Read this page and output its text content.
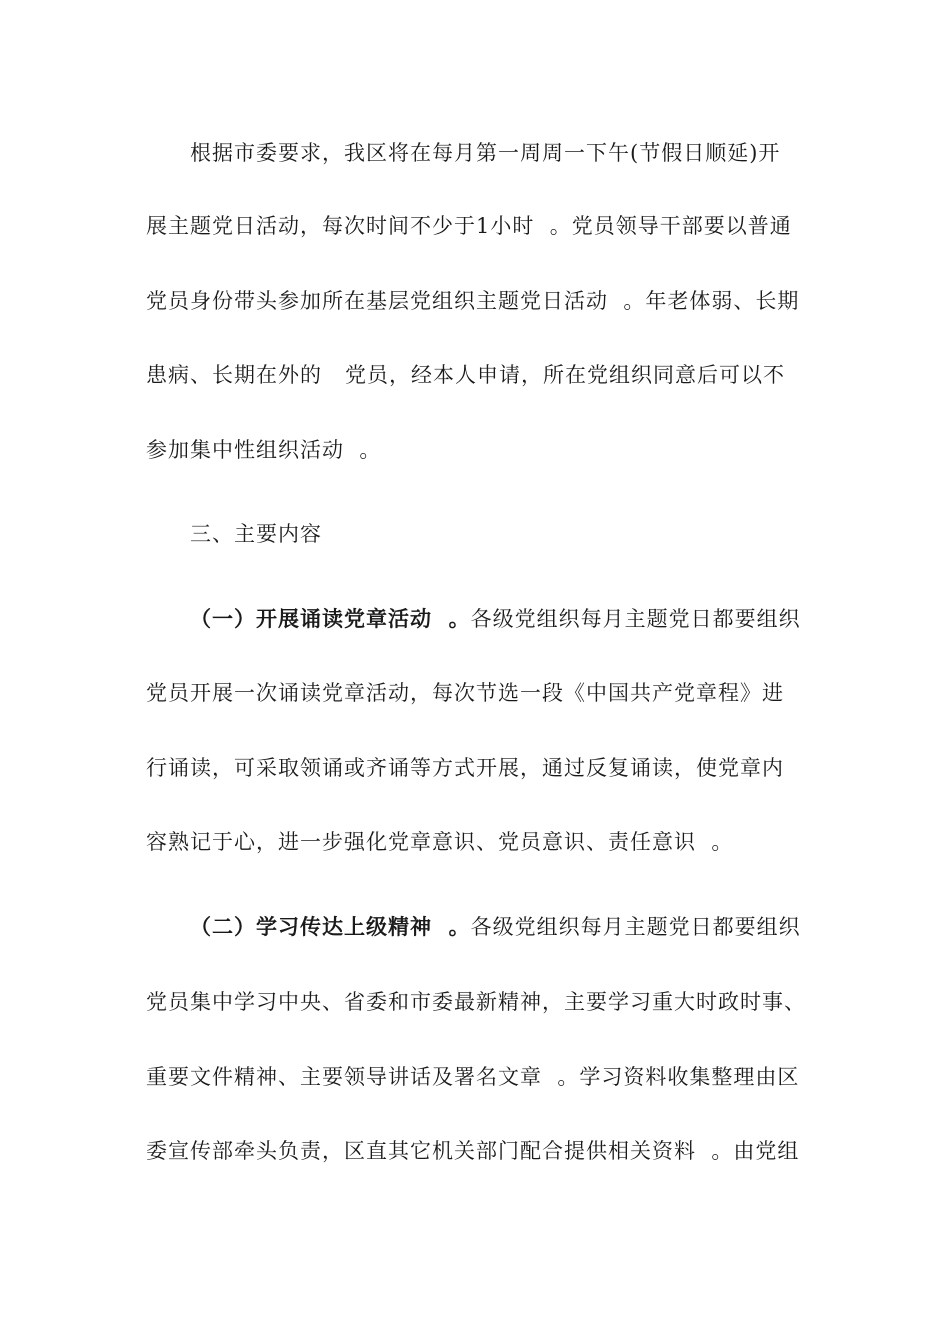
根据市委要求，我区将在每月第一周周一下午(节假日顺延)开
展主题党日活动，每次时间不少于1小时  。党员领导干部要以普通
党员身份带头参加所在基层党组织主题党日活动  。年老体弱、长期
患病、长期在外的   党员，经本人申请，所在党组织同意后可以不
参加集中性组织活动  。
三、主要内容
（一）开展诵读党章活动  。各级党组织每月主题党日都要组织
党员开展一次诵读党章活动，每次节选一段《中国共产党章程》进
行诵读，可采取领诵或齐诵等方式开展，通过反复诵读，使党章内
容熟记于心，进一步强化党章意识、党员意识、责任意识  。
（二）学习传达上级精神  。各级党组织每月主题党日都要组织
党员集中学习中央、省委和市委最新精神，主要学习重大时政时事、
重要文件精神、主要领导讲话及署名文章  。学习资料收集整理由区
委宣传部牵头负责，区直其它机关部门配合提供相关资料  。由党组
